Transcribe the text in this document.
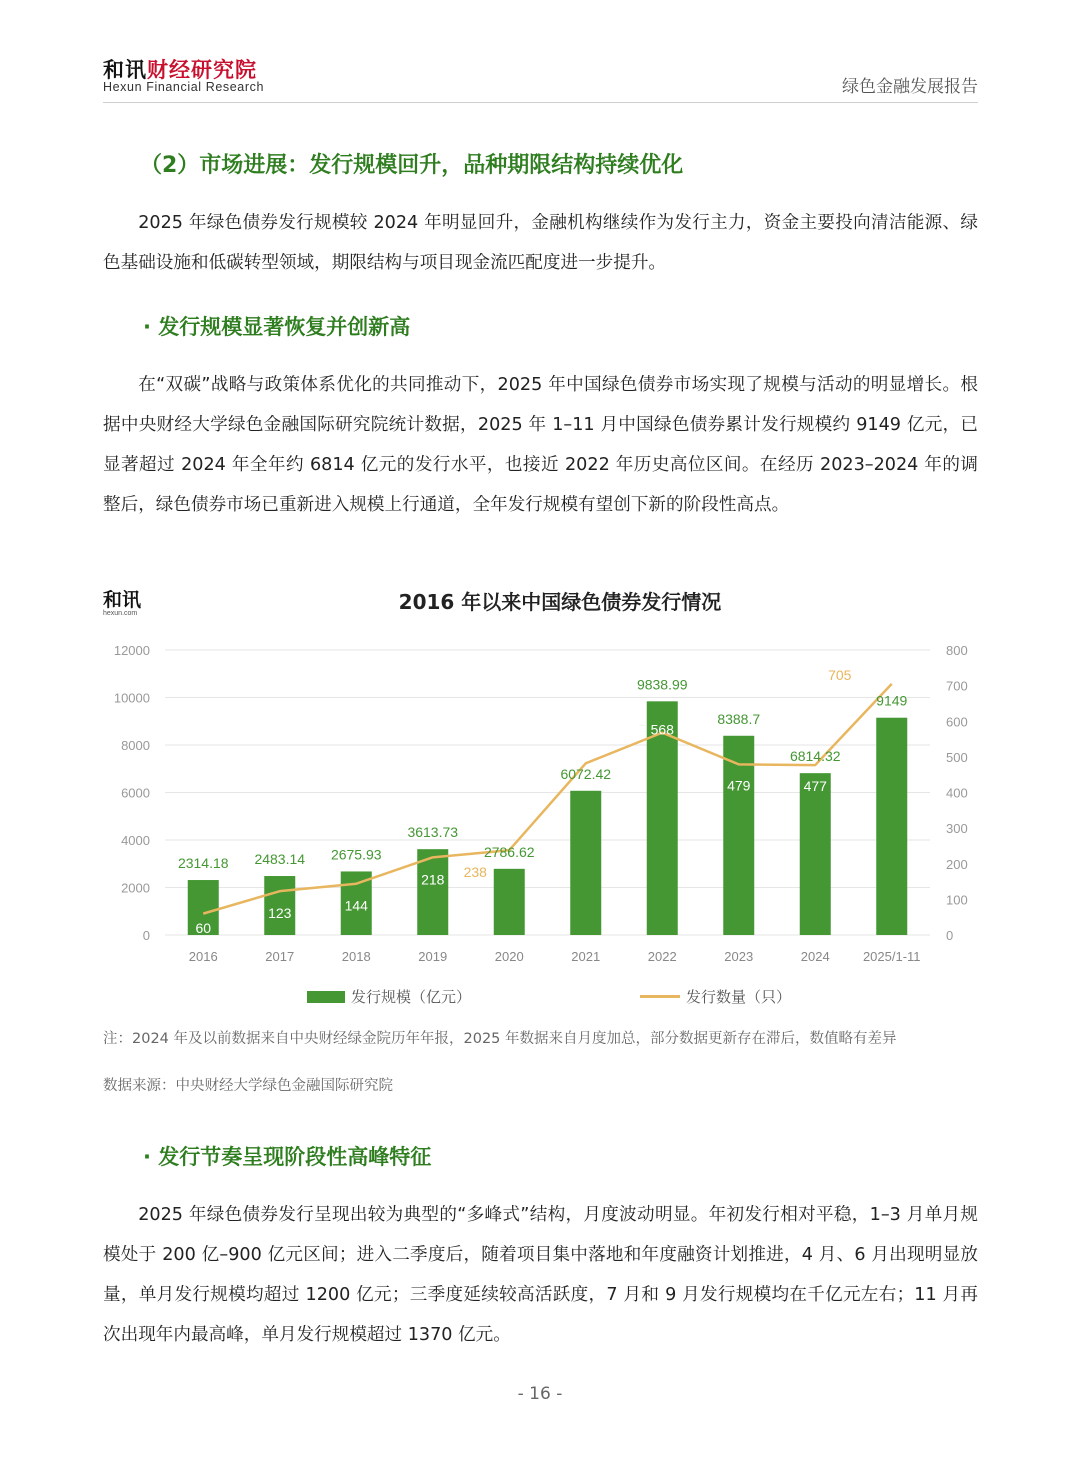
和讯财经研究院
Hexun Financial Research	绿色金融发展报告
（2）市场进展：发行规模回升，品种期限结构持续优化

2025 年绿色债券发行规模较 2024 年明显回升，金融机构继续作为发行主力，资金主要投向清洁能源、绿色基础设施和低碳转型领域，期限结构与项目现金流匹配度进一步提升。

· 发行规模显著恢复并创新高

在“双碳”战略与政策体系优化的共同推动下，2025 年中国绿色债券市场实现了规模与活动的明显增长。根据中央财经大学绿色金融国际研究院统计数据，2025 年 1–11 月中国绿色债券累计发行规模约 9149 亿元，已显著超过 2024 年全年约 6814 亿元的发行水平，也接近 2022 年历史高位区间。在经历 2023–2024 年的调整后，绿色债券市场已重新进入规模上行通道，全年发行规模有望创下新的阶段性高点。

和讯
hexun.com	2016 年以来中国绿色债券发行情况
0
2000
4000
6000
8000
10000
12000
0
100
200
300
400
500
600
700
800
2016	2017	2018	2019	2020	2021	2022	2023	2024	2025/1-11
2314.18 2483.14 2675.93
3613.73
2786.62
6072.42
9838.99
8388.7
6814.32
9149
60
123	144
218 238
568
479	477
705
发行规模（亿元）	发行数量（只）
注：2024 年及以前数据来自中央财经绿金院历年年报，2025 年数据来自月度加总，部分数据更新存在滞后，数值略有差异
数据来源：中央财经大学绿色金融国际研究院
· 发行节奏呈现阶段性高峰特征

2025 年绿色债券发行呈现出较为典型的“多峰式”结构，月度波动明显。年初发行相对平稳，1–3 月单月规模处于 200 亿–900 亿元区间；进入二季度后，随着项目集中落地和年度融资计划推进，4 月、6 月出现明显放量，单月发行规模均超过 1200 亿元；三季度延续较高活跃度，7 月和 9 月发行规模均在千亿元左右；11 月再次出现年内最高峰，单月发行规模超过 1370 亿元。

- 16 -
